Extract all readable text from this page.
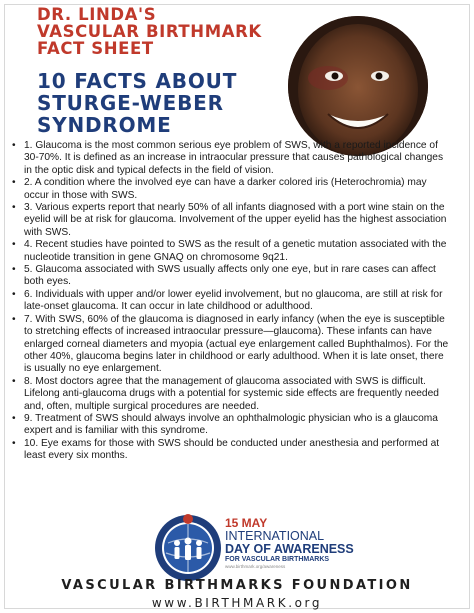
DR. LINDA'S
VASCULAR BIRTHMARK
FACT SHEET
10 FACTS ABOUT
STURGE-WEBER
SYNDROME
• 1. Glaucoma is the most common serious eye problem of SWS, with a reported incidence of 30-70%. It is defined as an increase in intraocular pressure that causes pathological changes in the optic disk and typical defects in the field of vision.
• 2. A condition where the involved eye can have a darker colored iris (Heterochromia) may occur in those with SWS.
• 3. Various experts report that nearly 50% of all infants diagnosed with a port wine stain on the eyelid will be at risk for glaucoma. Involvement of the upper eyelid has the highest association with SWS.
• 4. Recent studies have pointed to SWS as the result of a genetic mutation associated with the nucleotide transition in gene GNAQ on chromosome 9q21.
• 5. Glaucoma associated with SWS usually affects only one eye, but in rare cases can affect both eyes.
• 6. Individuals with upper and/or lower eyelid involvement, but no glaucoma, are still at risk for late-onset glaucoma. It can occur in late childhood or adulthood.
• 7. With SWS, 60% of the glaucoma is diagnosed in early infancy (when the eye is susceptible to stretching effects of increased intraocular pressure—glaucoma). These infants can have enlarged corneal diameters and myopia (actual eye enlargement called Buphthalmos). For the other 40%, glaucoma begins later in childhood or early adulthood. When it is late onset, there is usually no eye enlargement.
• 8. Most doctors agree that the management of glaucoma associated with SWS is difficult. Lifelong anti-glaucoma drugs with a potential for systemic side effects are frequently needed and, often, multiple surgical procedures are needed.
• 9. Treatment of SWS should always involve an ophthalmologic physician who is a glaucoma expert and is familiar with this syndrome.
• 10. Eye exams for those with SWS should be conducted under anesthesia and performed at least every six months.
15 MAY
INTERNATIONAL
DAY OF AWARENESS
FOR VASCULAR BIRTHMARKS
www.birthmark.org/awareness
VASCULAR BIRTHMARKS FOUNDATION
www.BIRTHMARK.org
